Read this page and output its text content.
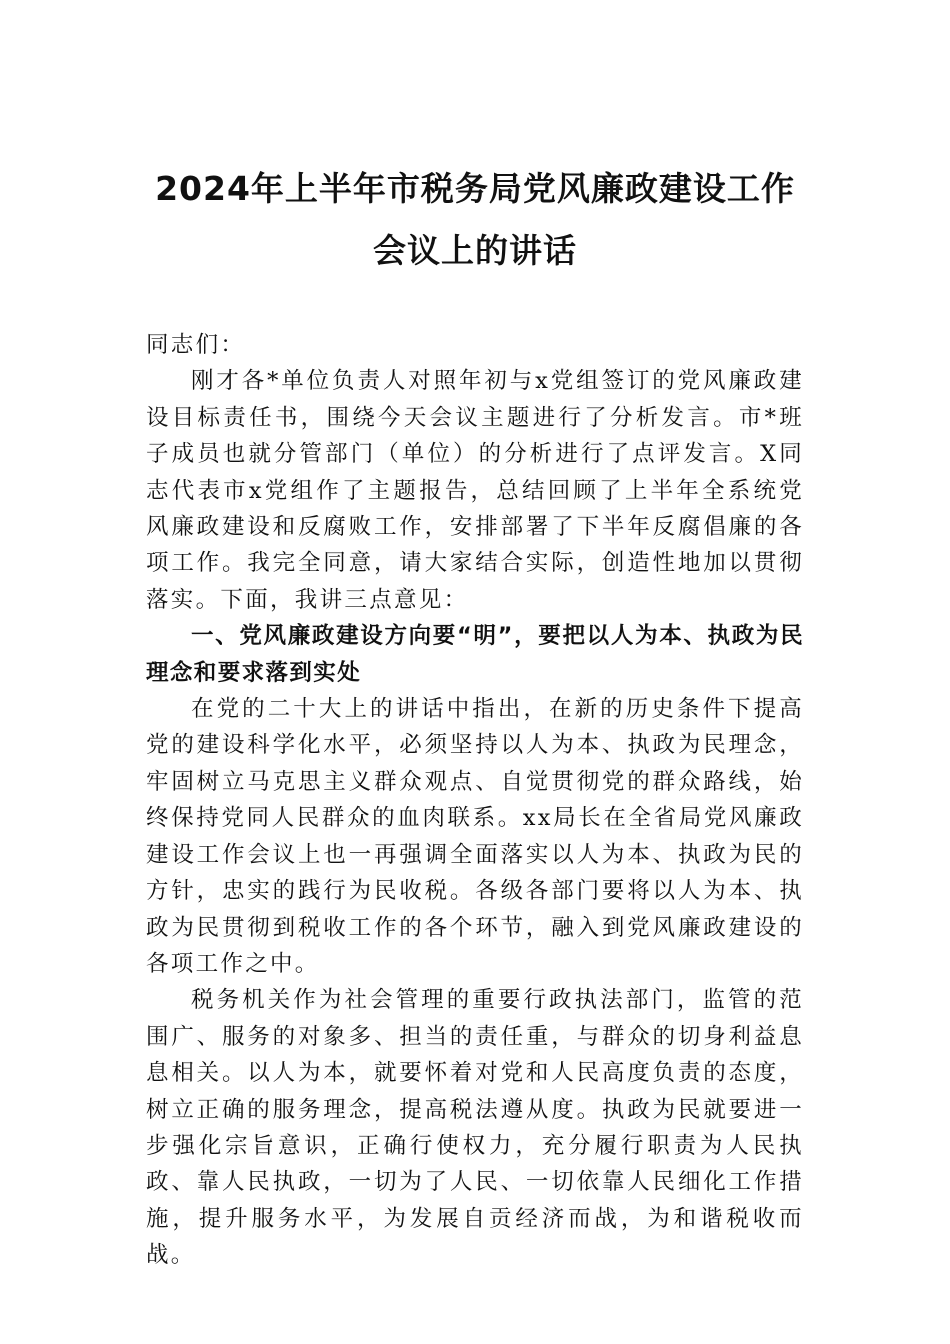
2024年上半年市税务局党风廉政建设工作
会议上的讲话

同志们：

刚才各*单位负责人对照年初与x党组签订的党风廉政建设目标责任书，围绕今天会议主题进行了分析发言。市*班子成员也就分管部门（单位）的分析进行了点评发言。X同志代表市x党组作了主题报告，总结回顾了上半年全系统党风廉政建设和反腐败工作，安排部署了下半年反腐倡廉的各项工作。我完全同意，请大家结合实际，创造性地加以贯彻落实。下面，我讲三点意见：

一、党风廉政建设方向要“明”，要把以人为本、执政为民理念和要求落到实处

在党的二十大上的讲话中指出，在新的历史条件下提高党的建设科学化水平，必须坚持以人为本、执政为民理念，牢固树立马克思主义群众观点、自觉贯彻党的群众路线，始终保持党同人民群众的血肉联系。xx局长在全省局党风廉政建设工作会议上也一再强调全面落实以人为本、执政为民的方针，忠实的践行为民收税。各级各部门要将以人为本、执政为民贯彻到税收工作的各个环节，融入到党风廉政建设的各项工作之中。

税务机关作为社会管理的重要行政执法部门，监管的范围广、服务的对象多、担当的责任重，与群众的切身利益息息相关。以人为本，就要怀着对党和人民高度负责的态度，树立正确的服务理念，提高税法遵从度。执政为民就要进一步强化宗旨意识，正确行使权力，充分履行职责为人民执政、靠人民执政，一切为了人民、一切依靠人民细化工作措施，提升服务水平，为发展自贡经济而战，为和谐税收而战。
